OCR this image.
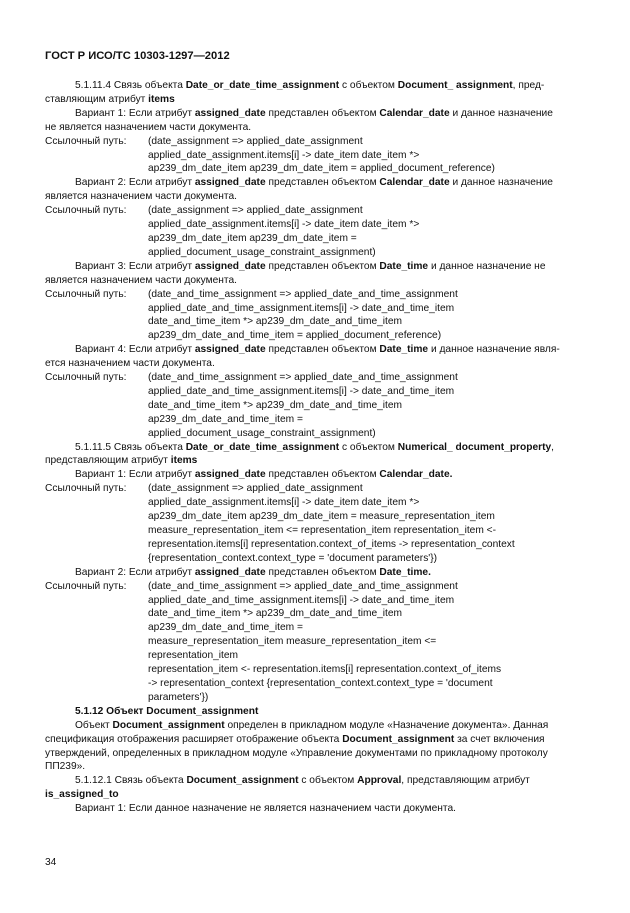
ГОСТ Р ИСО/ТС 10303-1297—2012

5.1.11.4 Связь объекта Date_or_date_time_assignment с объектом Document_ assignment, пред-

ставляющим атрибут items

Вариант 1: Если атрибут assigned_date представлен объектом Calendar_date и данное назначение

не является назначением части документа.

Ссылочный путь:	(date_assignment => applied_date_assignment
applied_date_assignment.items[i] -> date_item date_item *>
ap239_dm_date_item ap239_dm_date_item = applied_document_reference)

Вариант 2: Если атрибут assigned_date представлен объектом Calendar_date и данное назначение

является назначением части документа.

Ссылочный путь:	(date_assignment => applied_date_assignment
applied_date_assignment.items[i] -> date_item date_item *>
ap239_dm_date_item ap239_dm_date_item =
applied_document_usage_constraint_assignment)

Вариант 3: Если атрибут assigned_date представлен объектом Date_time и данное назначение не

является назначением части документа.

Ссылочный путь:	(date_and_time_assignment => applied_date_and_time_assignment
applied_date_and_time_assignment.items[i] -> date_and_time_item
date_and_time_item *> ap239_dm_date_and_time_item
ap239_dm_date_and_time_item = applied_document_reference)

Вариант 4: Если атрибут assigned_date представлен объектом Date_time и данное назначение явля-

ется назначением части документа.

Ссылочный путь:	(date_and_time_assignment => applied_date_and_time_assignment
applied_date_and_time_assignment.items[i] -> date_and_time_item
date_and_time_item *> ap239_dm_date_and_time_item
ap239_dm_date_and_time_item =
applied_document_usage_constraint_assignment)

5.1.11.5 Связь объекта Date_or_date_time_assignment с объектом Numerical_ document_property,

представляющим атрибут items

Вариант 1: Если атрибут assigned_date представлен объектом Calendar_date.

Ссылочный путь:	(date_assignment => applied_date_assignment
applied_date_assignment.items[i] -> date_item date_item *>
ap239_dm_date_item ap239_dm_date_item = measure_representation_item
measure_representation_item <= representation_item representation_item <-
representation.items[i] representation.context_of_items -> representation_context
{representation_context.context_type = 'document parameters'})

Вариант 2: Если атрибут assigned_date представлен объектом Date_time.

Ссылочный путь:	(date_and_time_assignment => applied_date_and_time_assignment
applied_date_and_time_assignment.items[i] -> date_and_time_item
date_and_time_item *> ap239_dm_date_and_time_item
ap239_dm_date_and_time_item =
measure_representation_item measure_representation_item <=
representation_item
representation_item <- representation.items[i] representation.context_of_items
-> representation_context {representation_context.context_type = 'document
parameters'})

5.1.12 Объект Document_assignment

Объект Document_assignment определен в прикладном модуле «Назначение документа». Данная

спецификация отображения расширяет отображение объекта Document_assignment за счет включения

утверждений, определенных в прикладном модуле «Управление документами по прикладному протоколу

ПП239».

5.1.12.1 Связь объекта Document_assignment с объектом Approval, представляющим атрибут

is_assigned_to

Вариант 1: Если данное назначение не является назначением части документа.

34
